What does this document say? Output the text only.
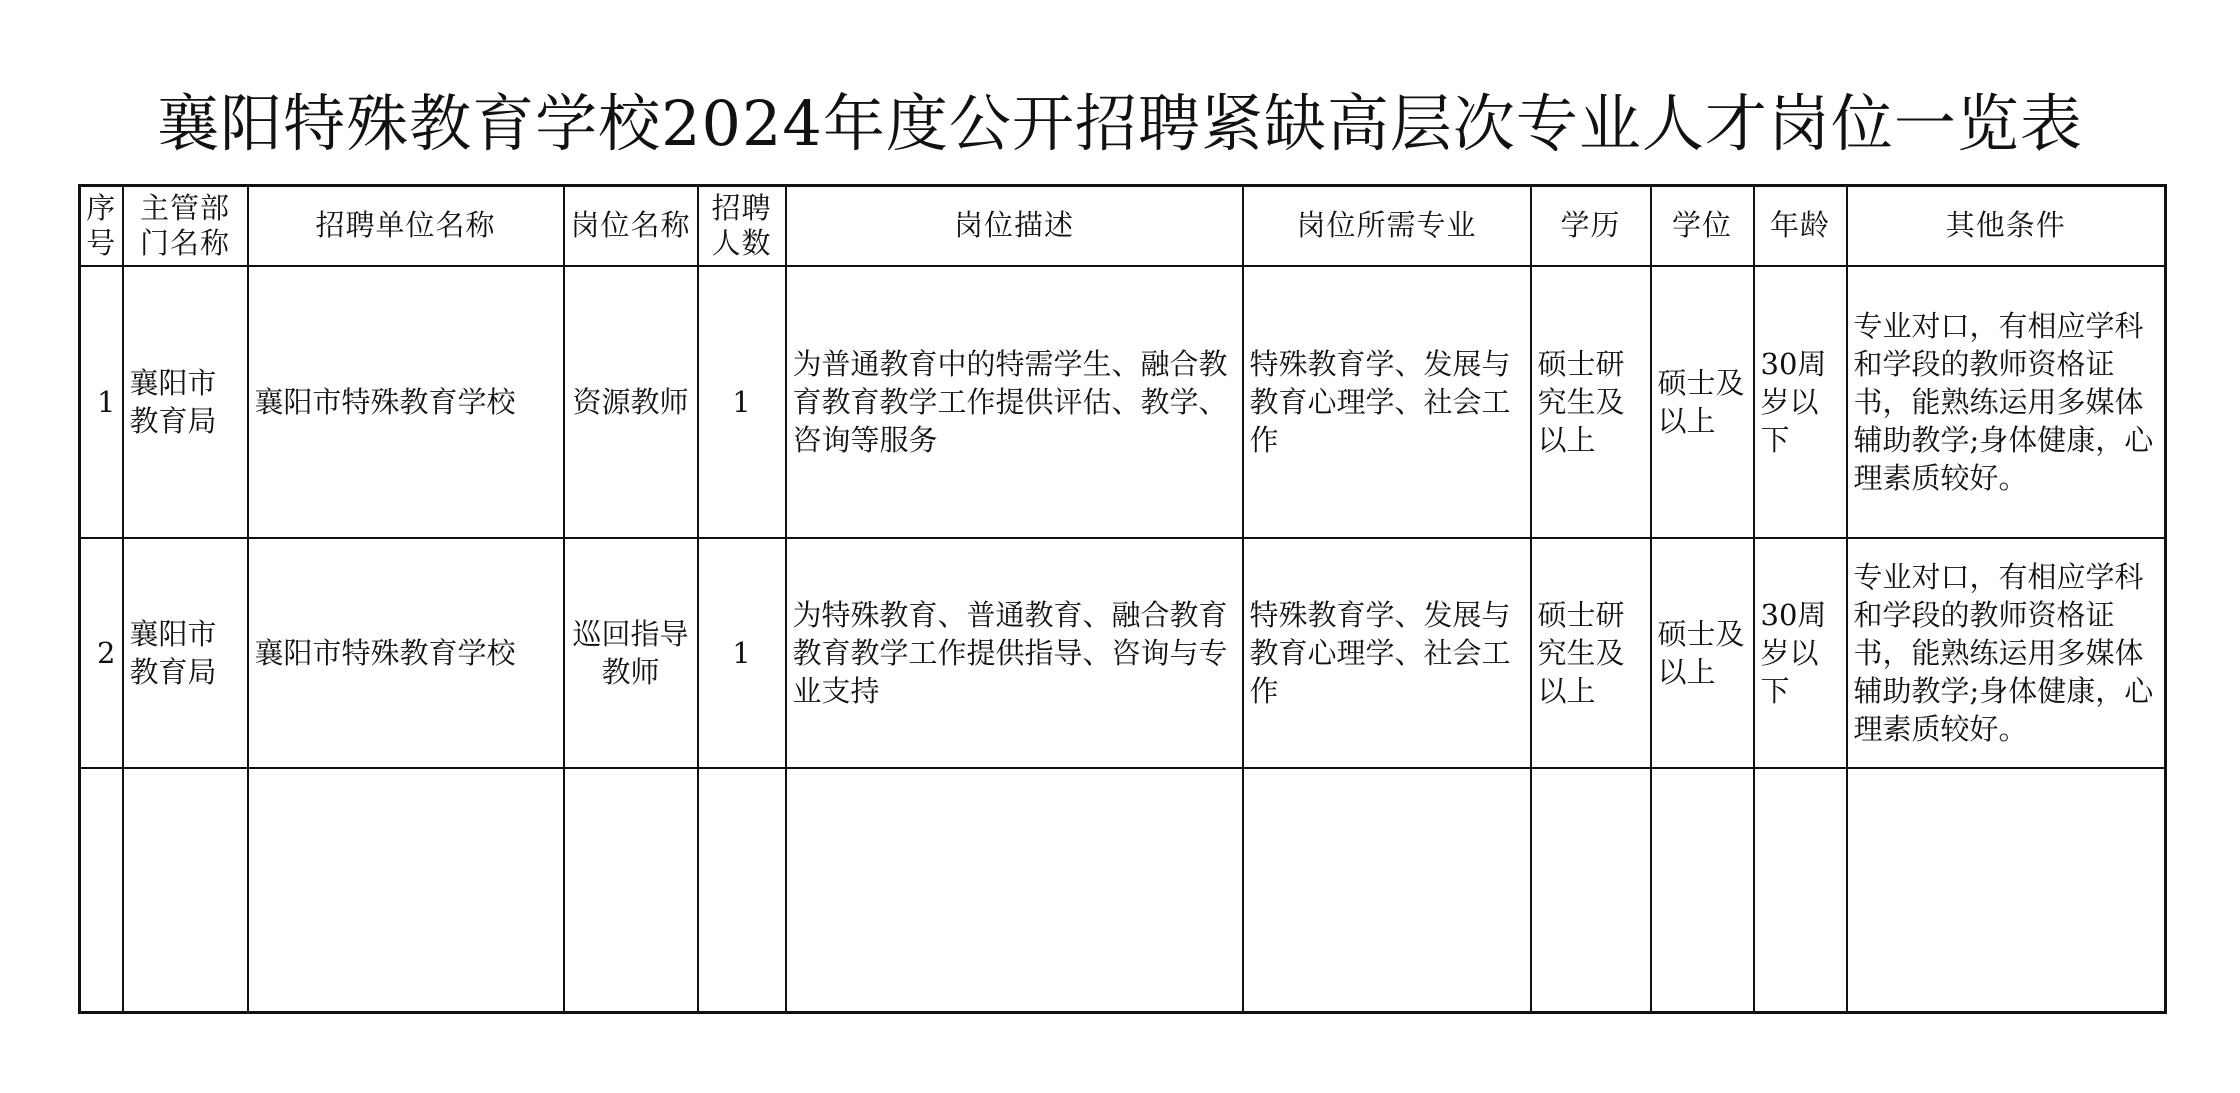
襄阳特殊教育学校2024年度公开招聘紧缺高层次专业人才岗位一览表
序号	主管部门名称	招聘单位名称	岗位名称	招聘人数	岗位描述	岗位所需专业	学历	学位	年龄	其他条件
1	襄阳市教育局	襄阳市特殊教育学校	资源教师	1	为普通教育中的特需学生、融合教育教育教学工作提供评估、教学、咨询等服务	特殊教育学、发展与教育心理学、社会工作	硕士研究生及以上	硕士及以上	30周岁以下	专业对口，有相应学科和学段的教师资格证书，能熟练运用多媒体辅助教学;身体健康，心理素质较好。
2	襄阳市教育局	襄阳市特殊教育学校	巡回指导教师	1	为特殊教育、普通教育、融合教育教育教学工作提供指导、咨询与专业支持	特殊教育学、发展与教育心理学、社会工作	硕士研究生及以上	硕士及以上	30周岁以下	专业对口，有相应学科和学段的教师资格证书，能熟练运用多媒体辅助教学;身体健康，心理素质较好。
